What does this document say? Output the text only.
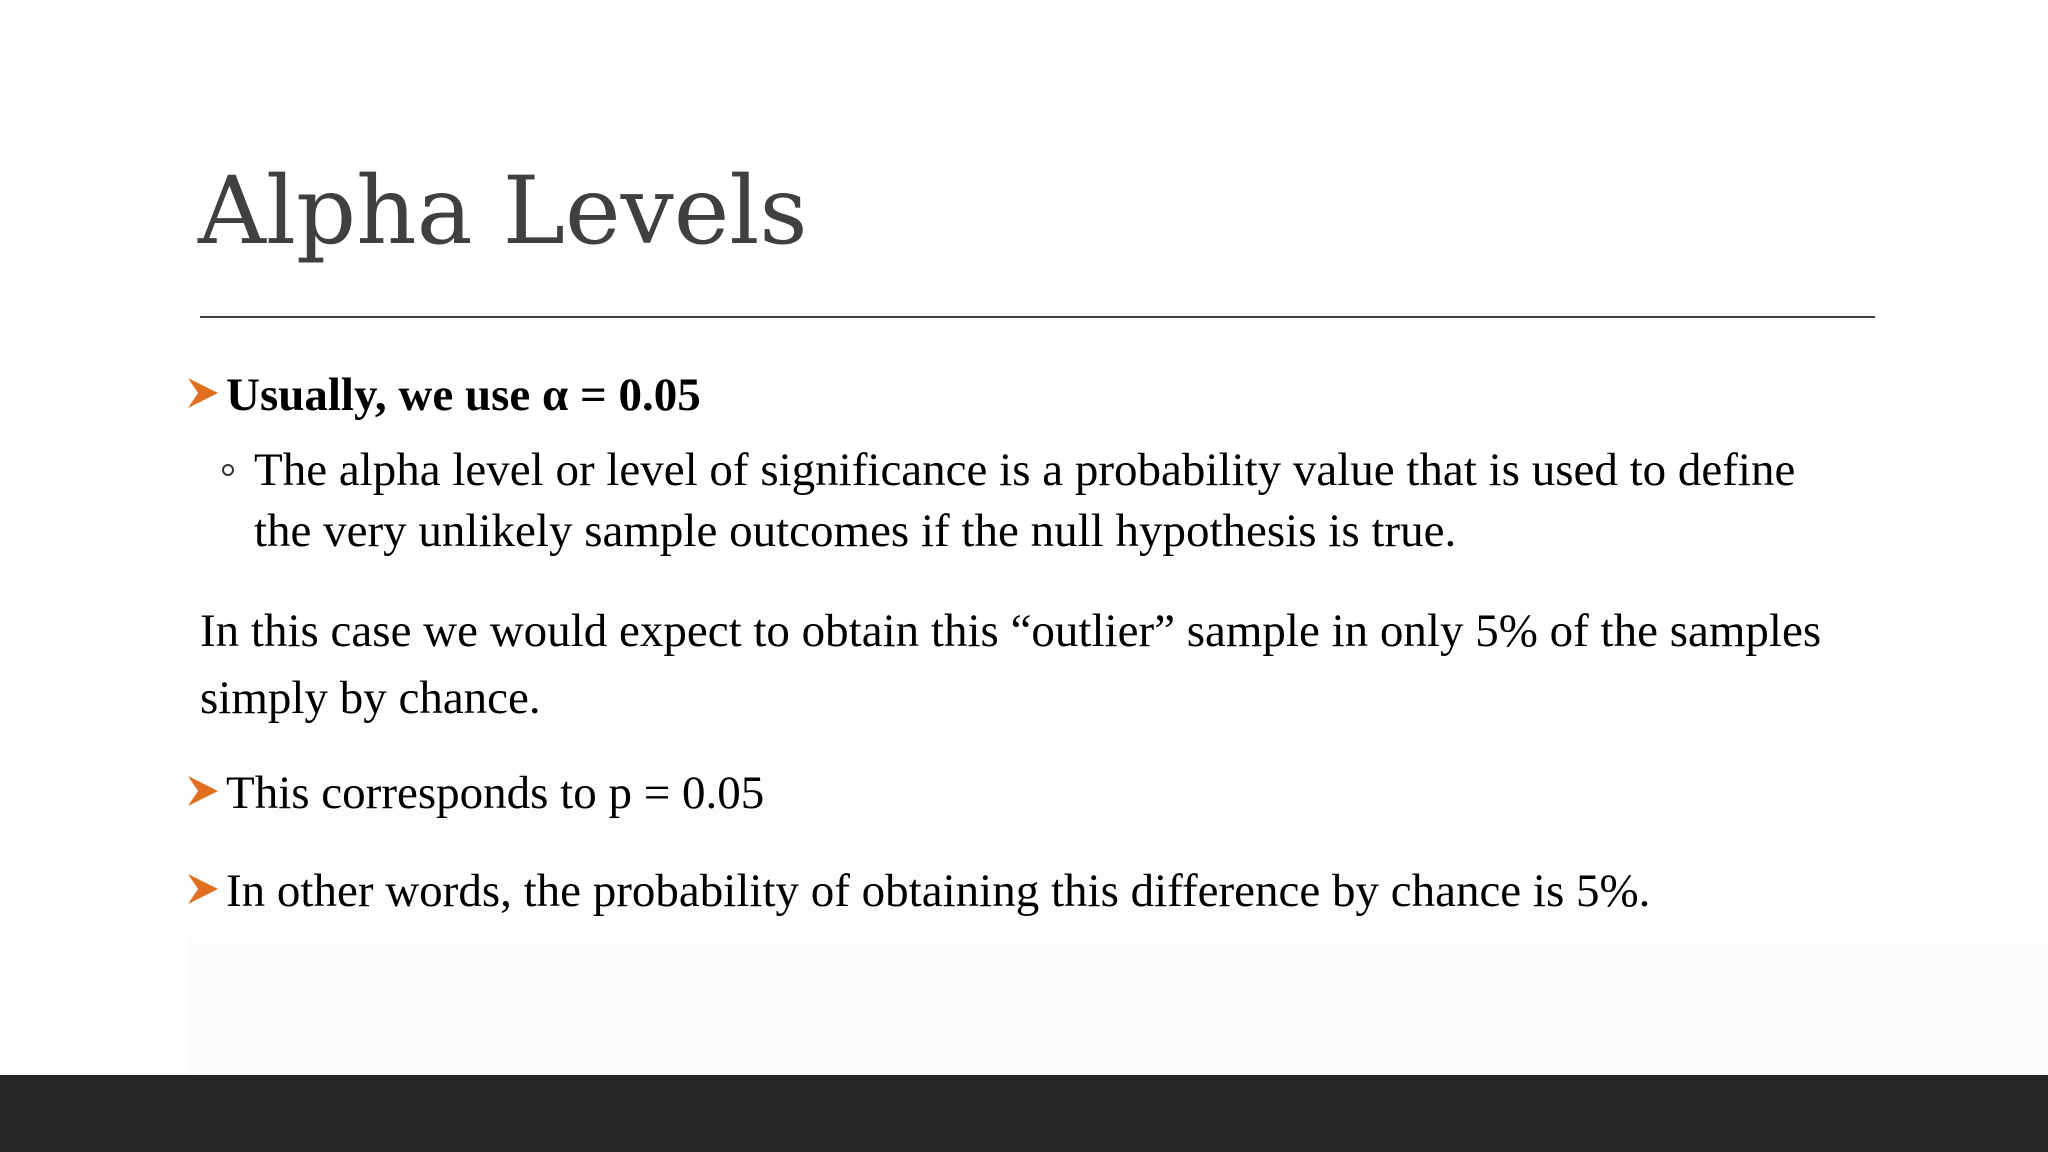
Alpha Levels
Usually, we use α = 0.05
The alpha level or level of significance is a probability value that is used to define the very unlikely sample outcomes if the null hypothesis is true.

In this case we would expect to obtain this “outlier” sample in only 5% of the samples simply by chance.

This corresponds to p = 0.05
In other words, the probability of obtaining this difference by chance is 5%.
